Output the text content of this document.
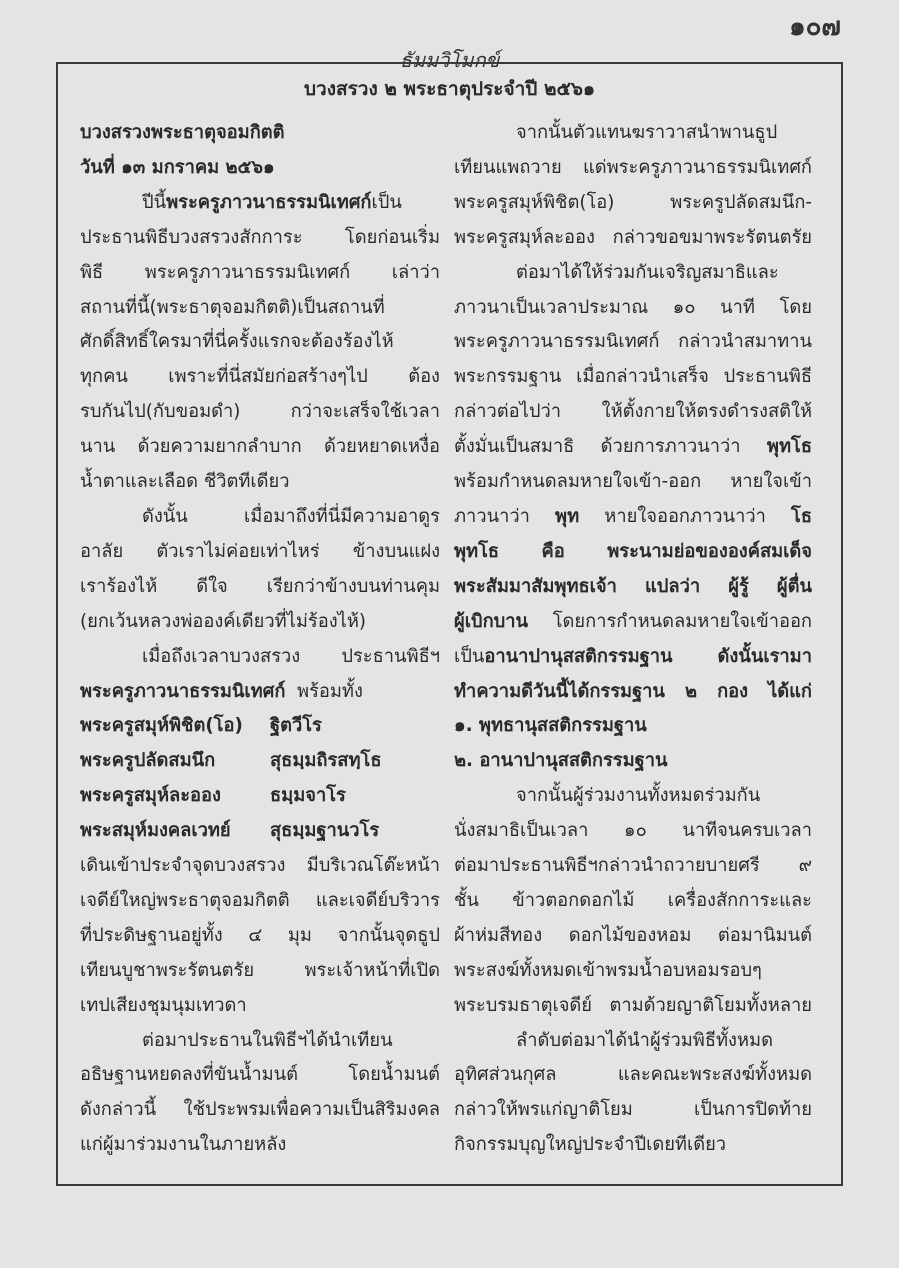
๑๐๗
ธัมมวิโมกข์
บวงสรวง ๒ พระธาตุประจำปี ๒๕๖๑

บวงสรวงพระธาตุจอมกิตติ

วันที่ ๑๓ มกราคม ๒๕๖๑

ปีนี้พระครูภาวนาธรรมนิเทศก์เป็น

ประธานพิธีบวงสรวงสักการะ โดยก่อนเริ่ม

พิธี พระครูภาวนาธรรมนิเทศก์ เล่าว่า

สถานที่นี้(พระธาตุจอมกิตติ)เป็นสถานที่

ศักดิ์สิทธิ์ใครมาที่นี่ครั้งแรกจะต้องร้องไห้

ทุกคน เพราะที่นี่สมัยก่อสร้างๆไป ต้อง

รบกันไป(กับขอมดำ) กว่าจะเสร็จใช้เวลา

นาน ด้วยความยากลำบาก ด้วยหยาดเหงื่อ

น้ำตาและเลือด ชีวิตทีเดียว

ดังนั้น เมื่อมาถึงที่นี่มีความอาดูร

อาลัย ตัวเราไม่ค่อยเท่าไหร่ ข้างบนแฝง

เราร้องไห้ ดีใจ เรียกว่าข้างบนท่านคุม

(ยกเว้นหลวงพ่อองค์เดียวที่ไม่ร้องไห้)

เมื่อถึงเวลาบวงสรวง ประธานพิธีฯ

พระครูภาวนาธรรมนิเทศก์ พร้อมทั้ง

พระครูสมุห์พิชิต(โอ)	ฐิตวีโร
พระครูปลัดสมนึก	สุธมฺมถิรสทฺโธ
พระครูสมุห์ละออง	ธมฺมจาโร
พระสมุห์มงคลเวทย์	สุธมฺมฐานวโร

เดินเข้าประจำจุดบวงสรวง มีบริเวณโต๊ะหน้า

เจดีย์ใหญ่พระธาตุจอมกิตติ และเจดีย์บริวาร

ที่ประดิษฐานอยู่ทั้ง ๔ มุม จากนั้นจุดธูป

เทียนบูชาพระรัตนตรัย พระเจ้าหน้าที่เปิด

เทปเสียงชุมนุมเทวดา

ต่อมาประธานในพิธีฯได้นำเทียน

อธิษฐานหยดลงที่ขันน้ำมนต์ โดยน้ำมนต์

ดังกล่าวนี้ ใช้ประพรมเพื่อความเป็นสิริมงคล

แก่ผู้มาร่วมงานในภายหลัง

จากนั้นตัวแทนฆราวาสนำพานธูป

เทียนแพถวาย แด่พระครูภาวนาธรรมนิเทศก์

พระครูสมุห์พิชิต(โอ) พระครูปลัดสมนึก-

พระครูสมุห์ละออง กล่าวขอขมาพระรัตนตรัย

ต่อมาได้ให้ร่วมกันเจริญสมาธิและ

ภาวนาเป็นเวลาประมาณ ๑๐ นาที โดย

พระครูภาวนาธรรมนิเทศก์ กล่าวนำสมาทาน

พระกรรมฐาน เมื่อกล่าวนำเสร็จ ประธานพิธี

กล่าวต่อไปว่า ให้ตั้งกายให้ตรงดำรงสติให้

ตั้งมั่นเป็นสมาธิ ด้วยการภาวนาว่า พุทโธ

พร้อมกำหนดลมหายใจเข้า-ออก หายใจเข้า

ภาวนาว่า พุท หายใจออกภาวนาว่า โธ

พุทโธ คือ พระนามย่อขององค์สมเด็จ

พระสัมมาสัมพุทธเจ้า แปลว่า ผู้รู้ ผู้ตื่น

ผู้เบิกบาน โดยการกำหนดลมหายใจเข้าออก

เป็นอานาปานุสสติกรรมฐาน ดังนั้นเรามา

ทำความดีวันนี้ได้กรรมฐาน ๒ กอง ได้แก่

๑. พุทธานุสสติกรรมฐาน

๒. อานาปานุสสติกรรมฐาน

จากนั้นผู้ร่วมงานทั้งหมดร่วมกัน

นั่งสมาธิเป็นเวลา ๑๐ นาทีจนครบเวลา

ต่อมาประธานพิธีฯกล่าวนำถวายบายศรี ๙

ชั้น ข้าวตอกดอกไม้ เครื่องสักการะและ

ผ้าห่มสีทอง ดอกไม้ของหอม ต่อมานิมนต์

พระสงฆ์ทั้งหมดเข้าพรมน้ำอบหอมรอบๆ

พระบรมธาตุเจดีย์ ตามด้วยญาติโยมทั้งหลาย

ลำดับต่อมาได้นำผู้ร่วมพิธีทั้งหมด

อุทิศส่วนกุศล และคณะพระสงฆ์ทั้งหมด

กล่าวให้พรแก่ญาติโยม เป็นการปิดท้าย

กิจกรรมบุญใหญ่ประจำปีเดยทีเดียว
